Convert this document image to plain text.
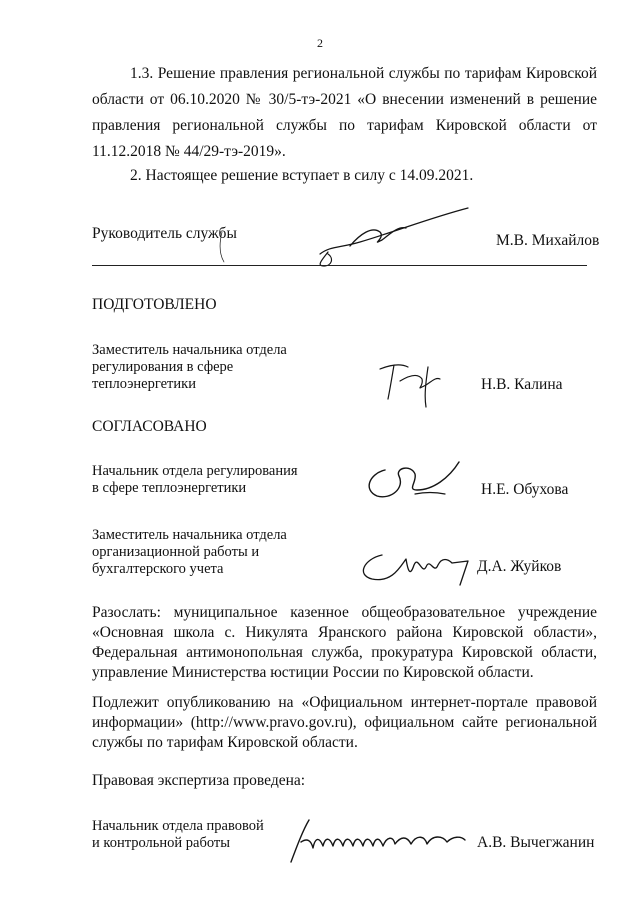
2
1.3. Решение правления региональной службы по тарифам Кировской области от 06.10.2020 № 30/5-тэ-2021 «О внесении изменений в решение правления региональной службы по тарифам Кировской области от 11.12.2018 № 44/29-тэ-2019».
2. Настоящее решение вступает в силу с 14.09.2021.
Руководитель службы	М.В. Михайлов
ПОДГОТОВЛЕНО
Заместитель начальника отдела
регулирования в сфере
теплоэнергетики	Н.В. Калина
СОГЛАСОВАНО
Начальник отдела регулирования
в сфере теплоэнергетики	Н.Е. Обухова
Заместитель начальника отдела
организационной работы и
бухгалтерского учета	Д.А. Жуйков
Разослать: муниципальное казенное общеобразовательное учреждение «Основная школа с. Никулята Яранского района Кировской области», Федеральная антимонопольная служба, прокуратура Кировской области, управление Министерства юстиции России по Кировской области.
Подлежит опубликованию на «Официальном интернет-портале правовой информации» (http://www.pravo.gov.ru), официальном сайте региональной службы по тарифам Кировской области.
Правовая экспертиза проведена:
Начальник отдела правовой
и контрольной работы	А.В. Вычегжанин
